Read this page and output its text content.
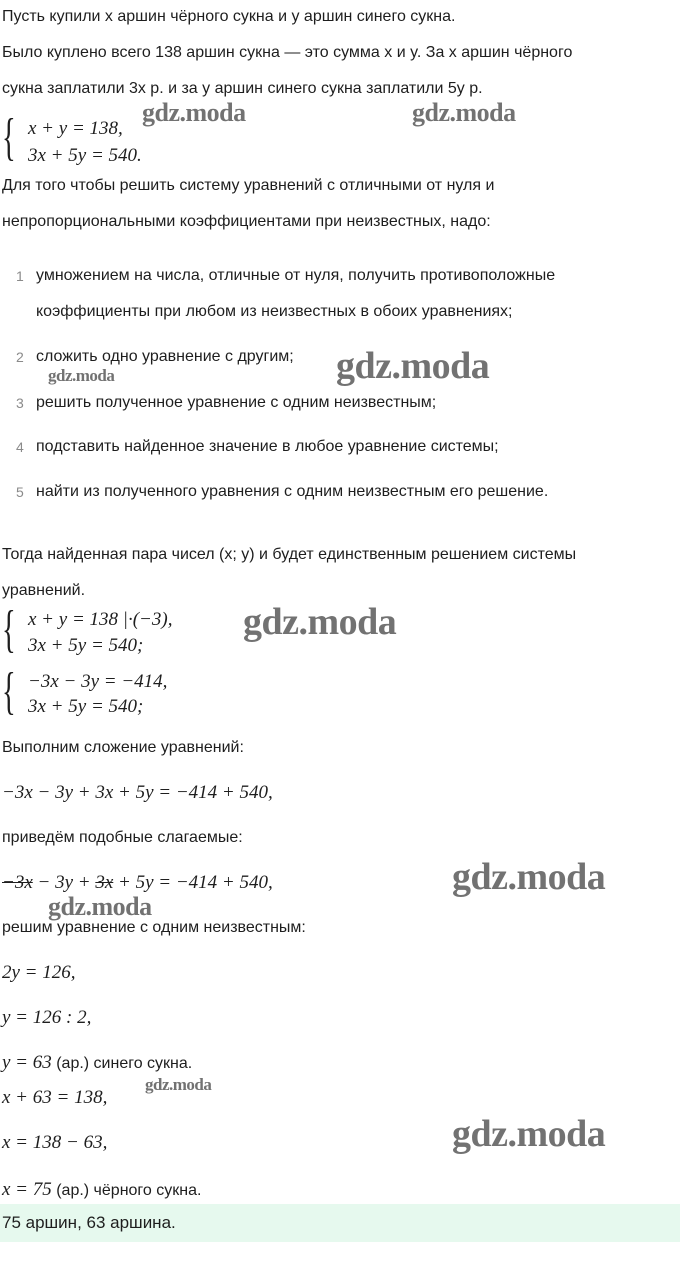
Пусть купили x аршин чёрного сукна и y аршин синего сукна.
Было куплено всего 138 аршин сукна — это сумма x и y. За x аршин чёрного
сукна заплатили 3x р. и за y аршин синего сукна заплатили 5y р.
{ x + y = 138,
3x + 5y = 540.
Для того чтобы решить систему уравнений с отличными от нуля и
непропорциональными коэффициентами при неизвестных, надо:
1 умножением на числа, отличные от нуля, получить противоположные
коэффициенты при любом из неизвестных в обоих уравнениях;
2 сложить одно уравнение с другим;
3 решить полученное уравнение с одним неизвестным;
4 подставить найденное значение в любое уравнение системы;
5 найти из полученного уравнения с одним неизвестным его решение.
Тогда найденная пара чисел (x; y) и будет единственным решением системы
уравнений.
{ x + y = 138 |·(−3),
3x + 5y = 540;
{ −3x − 3y = −414,
3x + 5y = 540;
Выполним сложение уравнений:
−3x − 3y + 3x + 5y = −414 + 540,
приведём подобные слагаемые:
−3x − 3y + 3x + 5y = −414 + 540,
решим уравнение с одним неизвестным:
2y = 126,
y = 126 : 2,
y = 63 (ар.) синего сукна.
x + 63 = 138,
x = 138 − 63,
x = 75 (ар.) чёрного сукна.
75 аршин, 63 аршина.
gdz.moda	gdz.moda
gdz.moda
gdz.moda
gdz.moda
gdz.moda
gdz.moda
gdz.moda
gdz.moda
